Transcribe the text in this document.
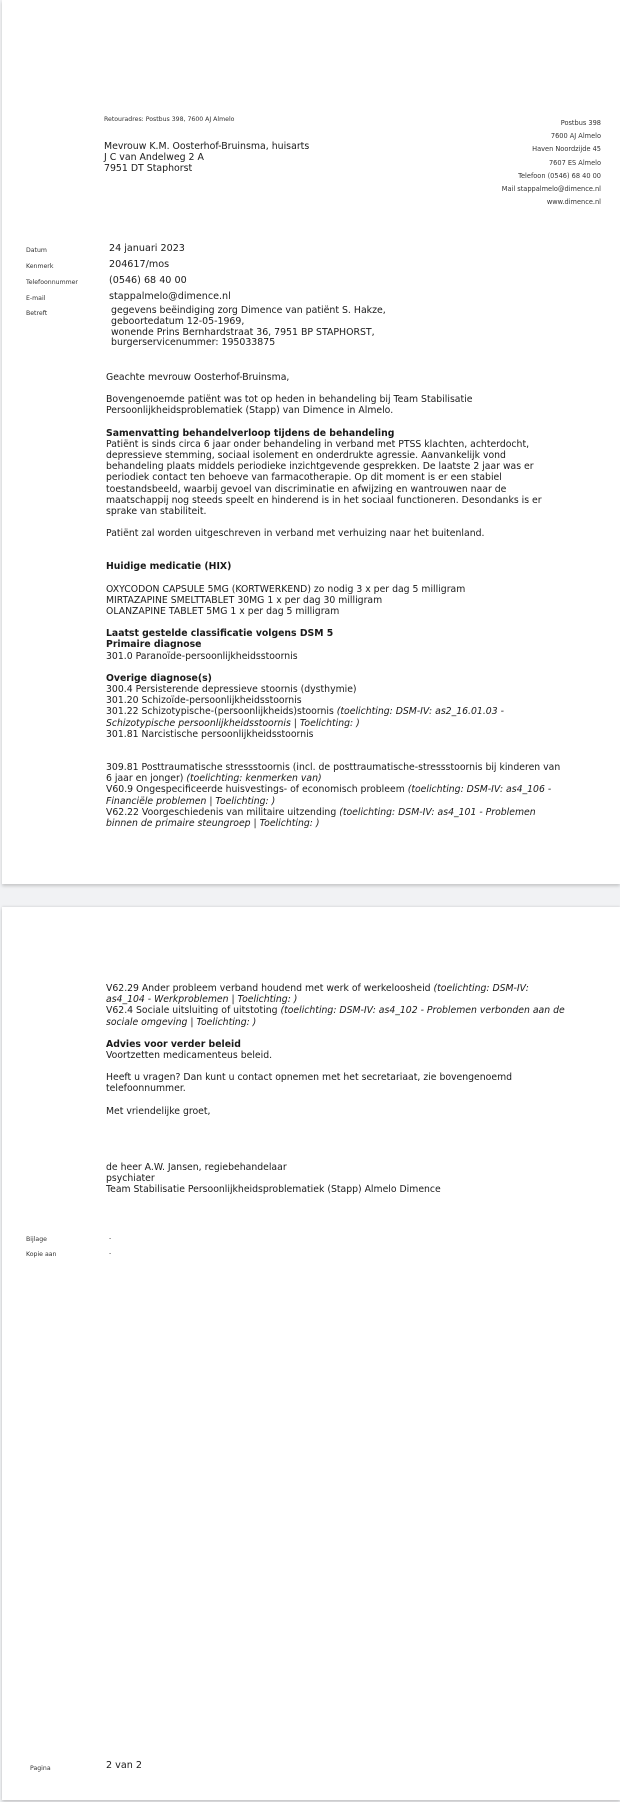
Retouradres: Postbus 398, 7600 AJ Almelo
Mevrouw K.M. Oosterhof-Bruinsma, huisarts
J C van Andelweg 2 A
7951 DT Staphorst
Postbus 398
7600 AJ Almelo
Haven Noordzijde 45
7607 ES Almelo
Telefoon (0546) 68 40 00
Mail stappalmelo@dimence.nl
www.dimence.nl
Datum	24 januari 2023
Kenmerk	204617/mos
Telefoonnummer	(0546) 68 40 00
E-mail	stappalmelo@dimence.nl
Betreft	gegevens beëindiging zorg Dimence van patiënt S. Hakze,
geboortedatum 12-05-1969,
wonende Prins Bernhardstraat 36, 7951 BP STAPHORST,
burgerservicenummer: 195033875

Geachte mevrouw Oosterhof-Bruinsma,

Bovengenoemde patiënt was tot op heden in behandeling bij Team Stabilisatie

Persoonlijkheidsproblematiek (Stapp) van Dimence in Almelo.

Samenvatting behandelverloop tijdens de behandeling

Patiënt is sinds circa 6 jaar onder behandeling in verband met PTSS klachten, achterdocht,

depressieve stemming, sociaal isolement en onderdrukte agressie. Aanvankelijk vond

behandeling plaats middels periodieke inzichtgevende gesprekken. De laatste 2 jaar was er

periodiek contact ten behoeve van farmacotherapie. Op dit moment is er een stabiel

toestandsbeeld, waarbij gevoel van discriminatie en afwijzing en wantrouwen naar de

maatschappij nog steeds speelt en hinderend is in het sociaal functioneren. Desondanks is er

sprake van stabiliteit.

Patiënt zal worden uitgeschreven in verband met verhuizing naar het buitenland.

Huidige medicatie (HIX)

OXYCODON CAPSULE 5MG (KORTWERKEND) zo nodig 3 x per dag 5 milligram

MIRTAZAPINE SMELTTABLET 30MG 1 x per dag 30 milligram

OLANZAPINE TABLET 5MG 1 x per dag 5 milligram

Laatst gestelde classificatie volgens DSM 5

Primaire diagnose

301.0 Paranoïde-persoonlijkheidsstoornis

Overige diagnose(s)

300.4 Persisterende depressieve stoornis (dysthymie)

301.20 Schizoïde-persoonlijkheidsstoornis

301.22 Schizotypische-(persoonlijkheids)stoornis (toelichting: DSM-IV: as2_16.01.03 - Schizotypische persoonlijkheidsstoornis | Toelichting: )

301.81 Narcistische persoonlijkheidsstoornis

309.81 Posttraumatische stressstoornis (incl. de posttraumatische-stressstoornis bij kinderen van 6 jaar en jonger) (toelichting: kenmerken van)

V60.9 Ongespecificeerde huisvestings- of economisch probleem (toelichting: DSM-IV: as4_106 - Financiële problemen | Toelichting: )

V62.22 Voorgeschiedenis van militaire uitzending (toelichting: DSM-IV: as4_101 - Problemen binnen de primaire steungroep | Toelichting: )

V62.29 Ander probleem verband houdend met werk of werkeloosheid (toelichting: DSM-IV: as4_104 - Werkproblemen | Toelichting: )

V62.4 Sociale uitsluiting of uitstoting (toelichting: DSM-IV: as4_102 - Problemen verbonden aan de sociale omgeving | Toelichting: )

Advies voor verder beleid

Voortzetten medicamenteus beleid.

Heeft u vragen? Dan kunt u contact opnemen met het secretariaat, zie bovengenoemd telefoonnummer.

Met vriendelijke groet,

de heer A.W. Jansen, regiebehandelaar

psychiater

Team Stabilisatie Persoonlijkheidsproblematiek (Stapp) Almelo Dimence

Bijlage	-
Kopie aan	-
Pagina	2 van 2
